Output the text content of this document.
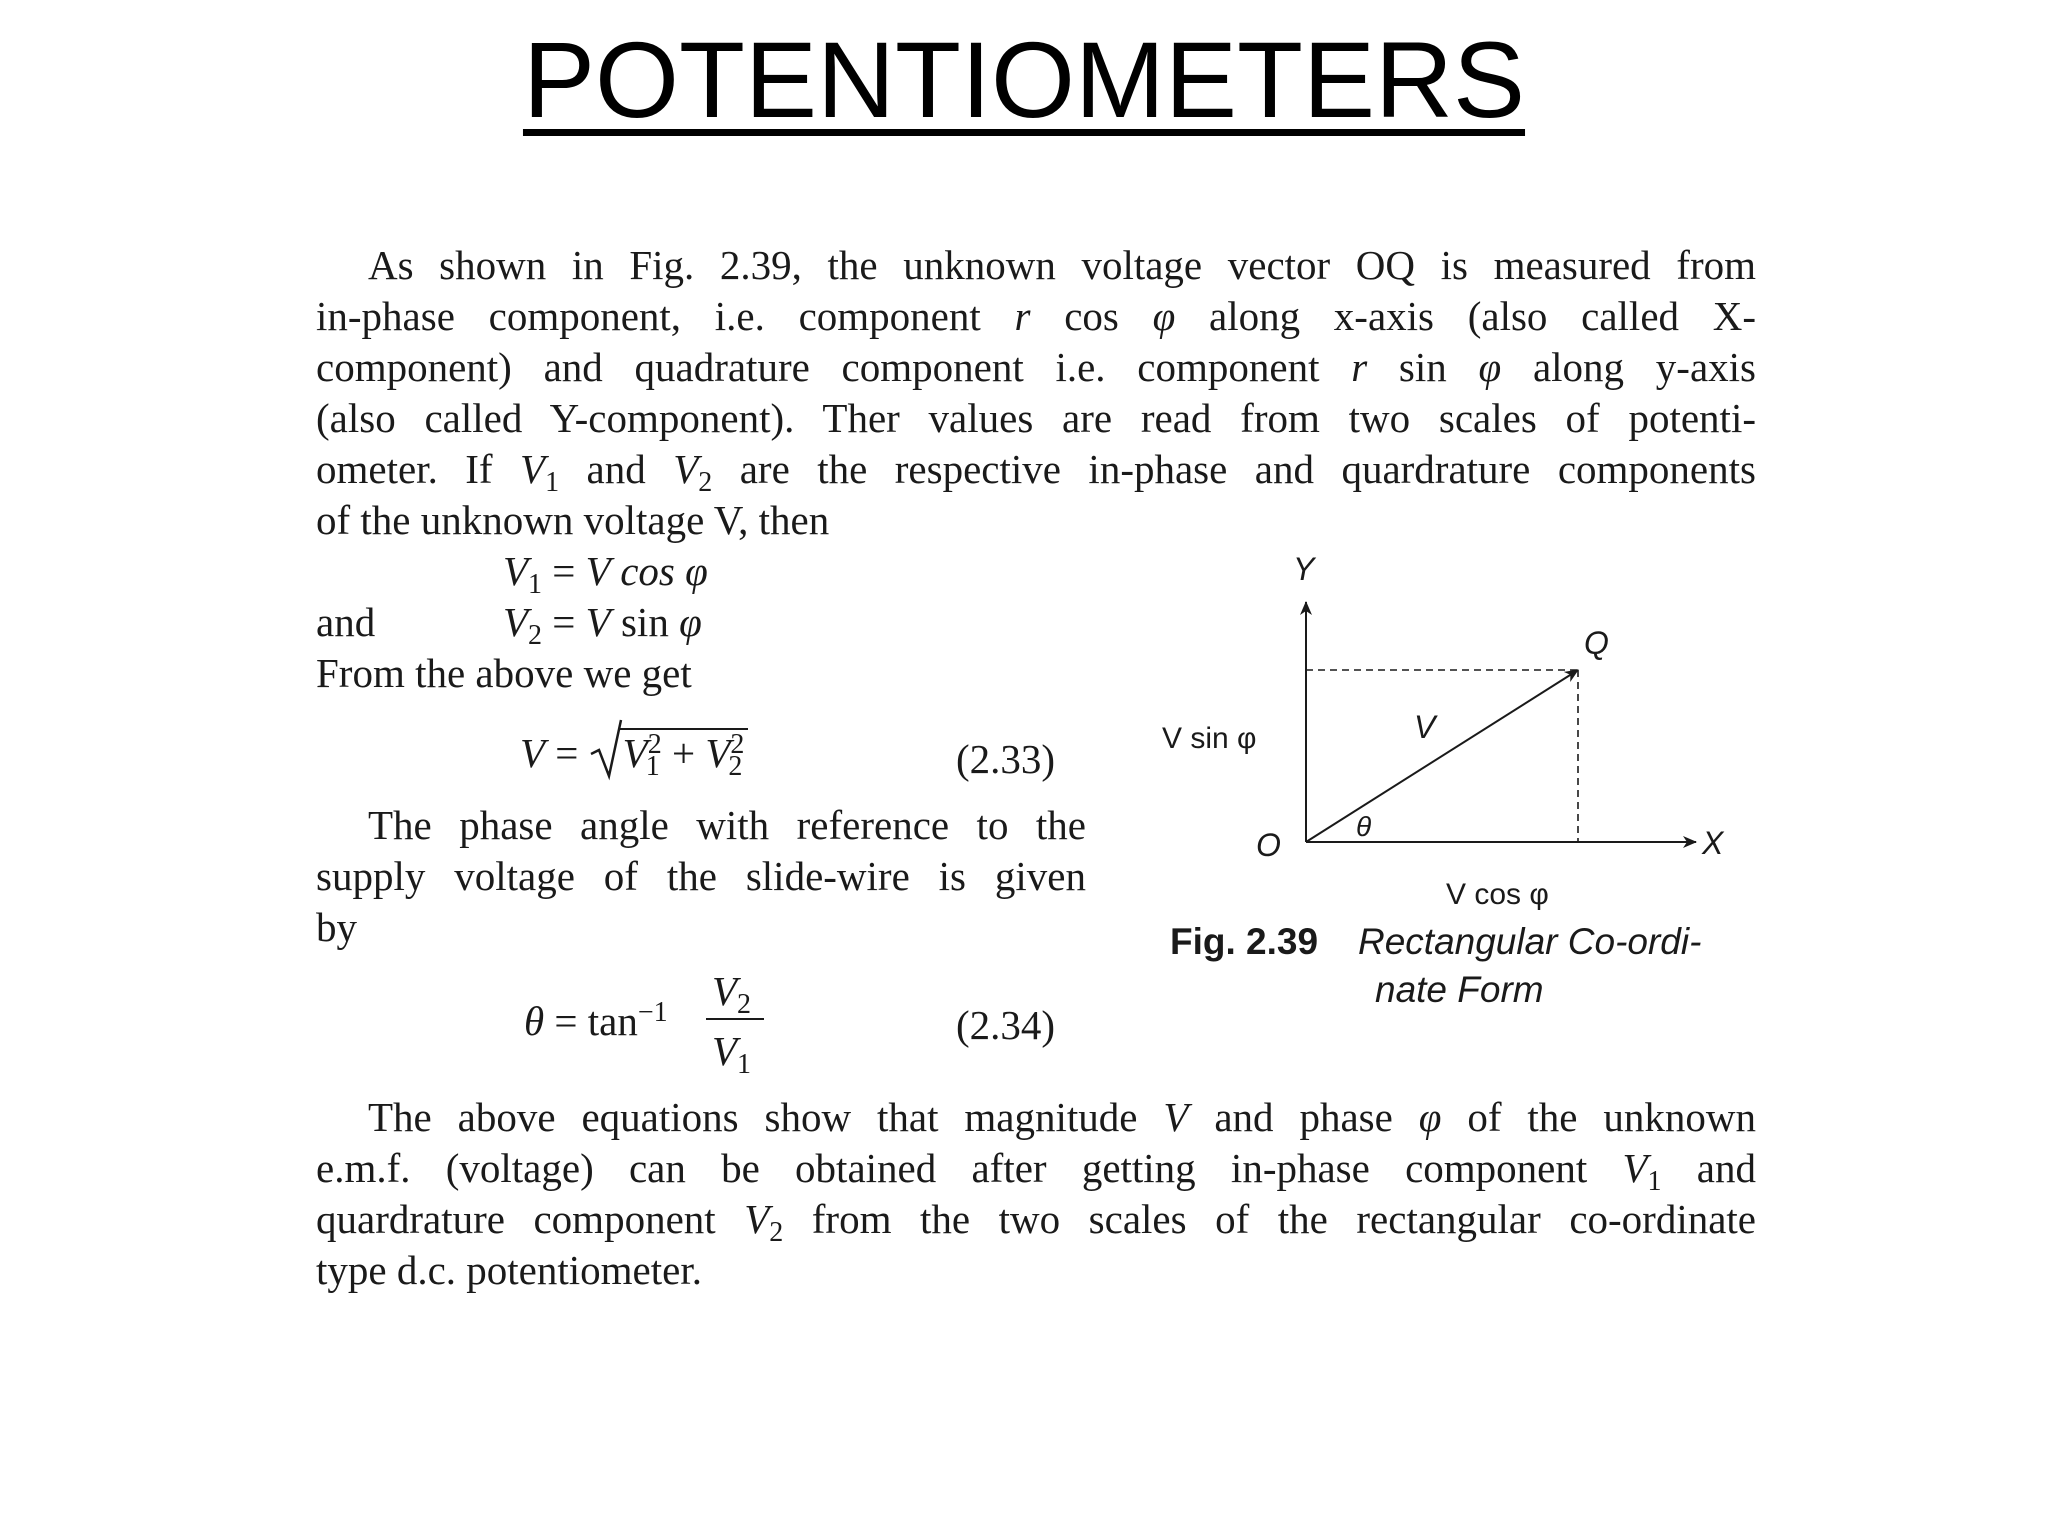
POTENTIOMETERS
As shown in Fig. 2.39, the unknown voltage vector OQ is measured from
in-phase component, i.e. component r cos φ along x-axis (also called X-
component) and quadrature component i.e. component r sin φ along y-axis
(also called Y-component). Ther values are read from two scales of potenti-
ometer. If $V_1$ and $V_2$ are the respective in-phase and quardrature components
of the unknown voltage V, then
$V_1 = V$ cos φ
and	$V_2 = V$ sin φ
From the above we get
V =
$V_1^2 + V_2^2$	(2.33)
The phase angle with reference to the
supply voltage of the slide-wire is given
by
$\theta = \tan^{-1} V_2$
$V_1$
(2.34)
The above equations show that magnitude V and phase φ of the unknown
e.m.f. (voltage) can be obtained after getting in-phase component $V_1$ and
quardrature component $V_2$ from the two scales of the rectangular co-ordinate
type d.c. potentiometer.
Y
X
Q
O
V
θ
V sin φ
V cos φ
Fig. 2.39 Rectangular Co-ordi-
nate Form
